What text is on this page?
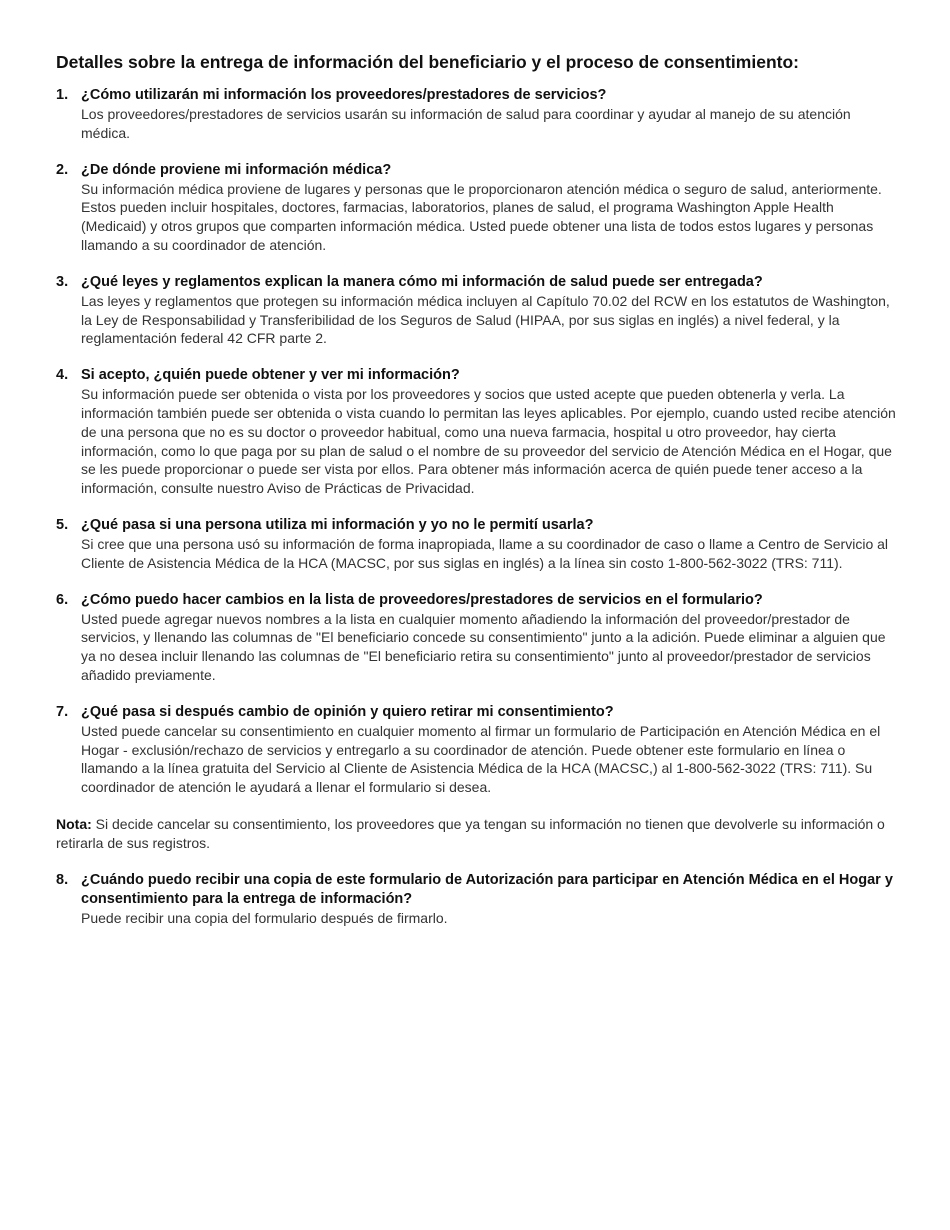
Detalles sobre la entrega de información del beneficiario y el proceso de consentimiento:
1. ¿Cómo utilizarán mi información los proveedores/prestadores de servicios?
Los proveedores/prestadores de servicios usarán su información de salud para coordinar y ayudar al manejo de su atención médica.
2. ¿De dónde proviene mi información médica?
Su información médica proviene de lugares y personas que le proporcionaron atención médica o seguro de salud, anteriormente. Estos pueden incluir hospitales, doctores, farmacias, laboratorios, planes de salud, el programa Washington Apple Health (Medicaid) y otros grupos que comparten información médica. Usted puede obtener una lista de todos estos lugares y personas llamando a su coordinador de atención.
3. ¿Qué leyes y reglamentos explican la manera cómo mi información de salud puede ser entregada?
Las leyes y reglamentos que protegen su información médica incluyen al Capítulo 70.02 del RCW en los estatutos de Washington, la Ley de Responsabilidad y Transferibilidad de los Seguros de Salud (HIPAA, por sus siglas en inglés) a nivel federal, y la reglamentación federal 42 CFR parte 2.
4. Si acepto, ¿quién puede obtener y ver mi información?
Su información puede ser obtenida o vista por los proveedores y socios que usted acepte que pueden obtenerla y verla. La información también puede ser obtenida o vista cuando lo permitan las leyes aplicables. Por ejemplo, cuando usted recibe atención de una persona que no es su doctor o proveedor habitual, como una nueva farmacia, hospital u otro proveedor, hay cierta información, como lo que paga por su plan de salud o el nombre de su proveedor del servicio de Atención Médica en el Hogar, que se les puede proporcionar o puede ser vista por ellos. Para obtener más información acerca de quién puede tener acceso a la información, consulte nuestro Aviso de Prácticas de Privacidad.
5. ¿Qué pasa si una persona utiliza mi información y yo no le permití usarla?
Si cree que una persona usó su información de forma inapropiada, llame a su coordinador de caso o llame a Centro de Servicio al Cliente de Asistencia Médica de la HCA (MACSC, por sus siglas en inglés) a la línea sin costo 1-800-562-3022 (TRS: 711).
6. ¿Cómo puedo hacer cambios en la lista de proveedores/prestadores de servicios en el formulario?
Usted puede agregar nuevos nombres a la lista en cualquier momento añadiendo la información del proveedor/prestador de servicios, y llenando las columnas de "El beneficiario concede su consentimiento" junto a la adición. Puede eliminar a alguien que ya no desea incluir llenando las columnas de "El beneficiario retira su consentimiento" junto al proveedor/prestador de servicios añadido previamente.
7. ¿Qué pasa si después cambio de opinión y quiero retirar mi consentimiento?
Usted puede cancelar su consentimiento en cualquier momento al firmar un formulario de Participación en Atención Médica en el Hogar - exclusión/rechazo de servicios y entregarlo a su coordinador de atención. Puede obtener este formulario en línea o llamando a la línea gratuita del Servicio al Cliente de Asistencia Médica de la HCA (MACSC,) al 1-800-562-3022 (TRS: 711). Su coordinador de atención le ayudará a llenar el formulario si desea.
Nota: Si decide cancelar su consentimiento, los proveedores que ya tengan su información no tienen que devolverle su información o retirarla de sus registros.
8. ¿Cuándo puedo recibir una copia de este formulario de Autorización para participar en Atención Médica en el Hogar y consentimiento para la entrega de información?
Puede recibir una copia del formulario después de firmarlo.
